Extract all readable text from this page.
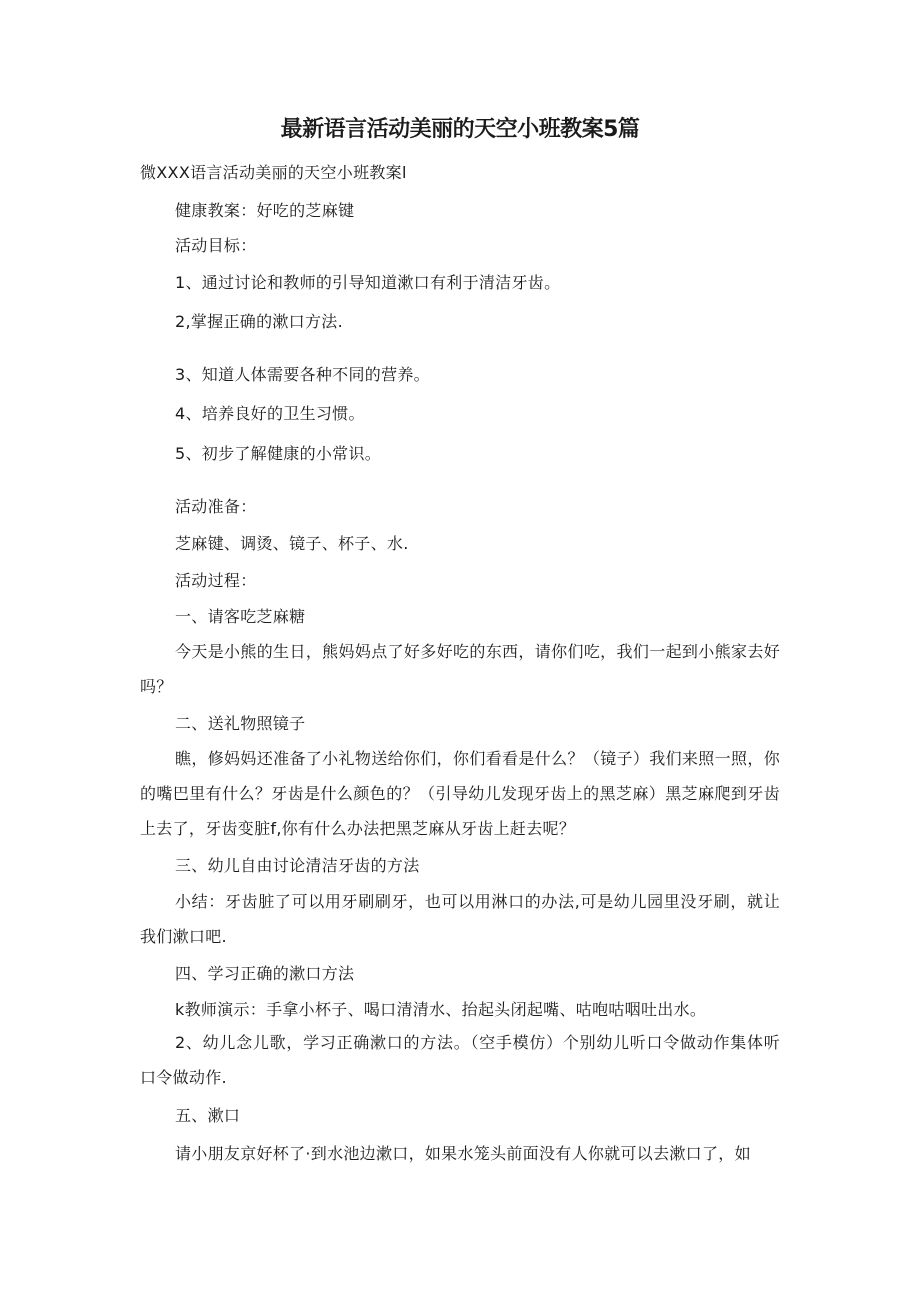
最新语言活动美丽的天空小班教案5篇
微XXX语言活动美丽的天空小班教案l
健康教案：好吃的芝麻键
活动目标：
1、通过讨论和教师的引导知道漱口有利于清洁牙齿。
2,掌握正确的漱口方法.
3、知道人体需要各种不同的营养。
4、培养良好的卫生习惯。
5、初步了解健康的小常识。
活动准备：
芝麻键、调烫、镜子、杯子、水.
活动过程：
一、请客吃芝麻糖
今天是小熊的生日，熊妈妈点了好多好吃的东西，请你们吃，我们一起到小熊家去好吗？
二、送礼物照镜子
瞧，修妈妈还准备了小礼物送给你们，你们看看是什么？（镜子）我们来照一照，你的嘴巴里有什么？牙齿是什么颜色的？（引导幼儿发现牙齿上的黑芝麻）黑芝麻爬到牙齿上去了，牙齿变脏f,你有什么办法把黑芝麻从牙齿上赶去呢？
三、幼儿自由讨论清洁牙齿的方法
小结：牙齿脏了可以用牙刷刷牙，也可以用淋口的办法,可是幼儿园里没牙刷，就让我们漱口吧.
四、学习正确的漱口方法
k教师演示：手拿小杯子、喝口清清水、抬起头闭起嘴、咕咆咕咽吐出水。
2、幼儿念儿歌，学习正确漱口的方法。（空手模仿）个别幼儿听口令做动作集体听口令做动作.
五、漱口
请小朋友京好杯了·到水池边漱口，如果水笼头前面没有人你就可以去漱口了，如
